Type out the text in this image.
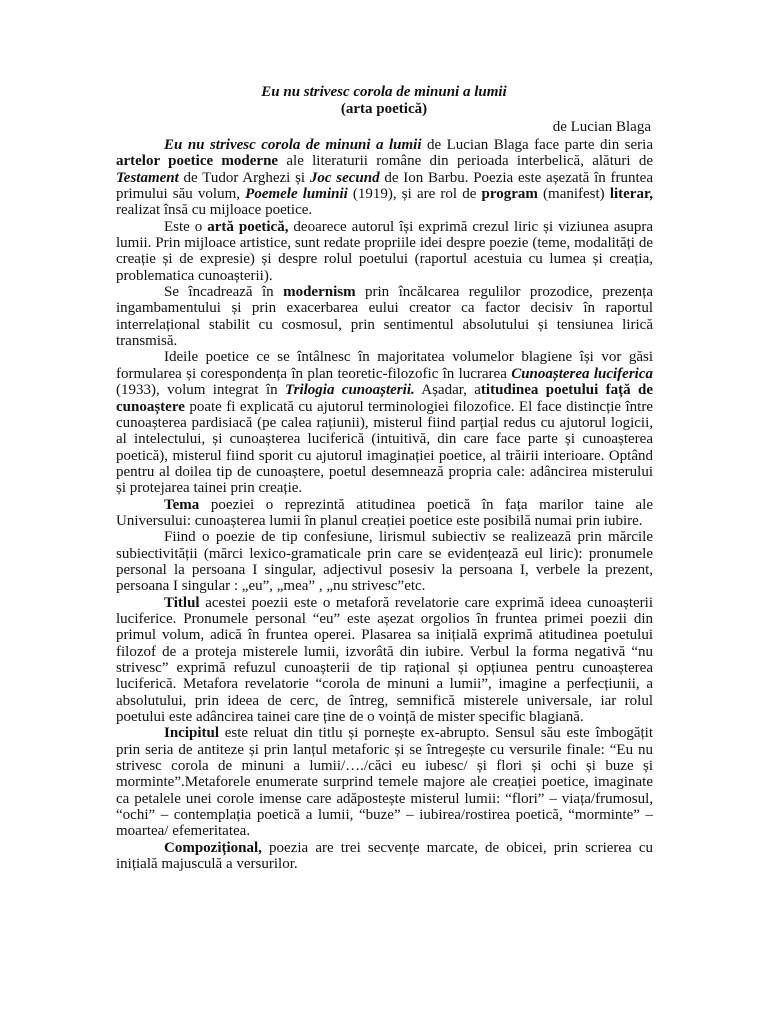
Eu nu strivesc corola de minuni a lumii
(arta poetică)
de Lucian Blaga

Eu nu strivesc corola de minuni a lumii de Lucian Blaga face parte din seria artelor poetice moderne ale literaturii române din perioada interbelică, alături de Testament de Tudor Arghezi și Joc secund de Ion Barbu. Poezia este așezată în fruntea primului său volum, Poemele luminii (1919), și are rol de program (manifest) literar, realizat însă cu mijloace poetice.

Este o artă poetică, deoarece autorul își exprimă crezul liric și viziunea asupra lumii. Prin mijloace artistice, sunt redate propriile idei despre poezie (teme, modalități de creație și de expresie) și despre rolul poetului (raportul acestuia cu lumea și creația, problematica cunoașterii).

Se încadrează în modernism prin încălcarea regulilor prozodice, prezența ingambamentului și prin exacerbarea eului creator ca factor decisiv în raportul interrelațional stabilit cu cosmosul, prin sentimentul absolutului și tensiunea lirică transmisă.

Ideile poetice ce se întâlnesc în majoritatea volumelor blagiene își vor găsi formularea și corespondența în plan teoretic-filozofic în lucrarea Cunoașterea luciferica (1933), volum integrat în Trilogia cunoașterii. Așadar, atitudinea poetului față de cunoaștere poate fi explicată cu ajutorul terminologiei filozofice. El face distincție între cunoașterea pardisiacă (pe calea rațiunii), misterul fiind parțial redus cu ajutorul logicii, al intelectului, și cunoașterea luciferică (intuitivă, din care face parte și cunoașterea poetică), misterul fiind sporit cu ajutorul imaginației poetice, al trăirii interioare. Optând pentru al doilea tip de cunoaștere, poetul desemnează propria cale: adâncirea misterului și protejarea tainei prin creație.

Tema poeziei o reprezintă atitudinea poetică în fața marilor taine ale Universului: cunoașterea lumii în planul creației poetice este posibilă numai prin iubire.

Fiind o poezie de tip confesiune, lirismul subiectiv se realizează prin mărcile subiectivității (mărci lexico-gramaticale prin care se evidențează eul liric): pronumele personal la persoana I singular, adjectivul posesiv la persoana I, verbele la prezent, persoana I singular : „eu”, „mea” , „nu strivesc”etc.

Titlul acestei poezii este o metaforă revelatorie care exprimă ideea cunoașterii luciferice. Pronumele personal “eu” este așezat orgolios în fruntea primei poezii din primul volum, adică în fruntea operei. Plasarea sa inițială exprimă atitudinea poetului filozof de a proteja misterele lumii, izvorâtă din iubire. Verbul la forma negativă “nu strivesc” exprimă refuzul cunoașterii de tip rațional și opțiunea pentru cunoașterea luciferică. Metafora revelatorie “corola de minuni a lumii”, imagine a perfecțiunii, a absolutului, prin ideea de cerc, de întreg, semnifică misterele universale, iar rolul poetului este adâncirea tainei care ține de o voință de mister specific blagiană.

Incipitul este reluat din titlu și pornește ex-abrupto. Sensul său este îmbogățit prin seria de antiteze și prin lanțul metaforic și se întregește cu versurile finale: “Eu nu strivesc corola de minuni a lumii/…./căci eu iubesc/ și flori și ochi și buze și morminte”.Metaforele enumerate surprind temele majore ale creației poetice, imaginate ca petalele unei corole imense care adăpostește misterul lumii: “flori” – viața/frumosul, “ochi” – contemplația poetică a lumii, “buze” – iubirea/rostirea poetică, “morminte” – moartea/ efemeritatea.

Compozițional, poezia are trei secvențe marcate, de obicei, prin scrierea cu inițială majusculă a versurilor.
